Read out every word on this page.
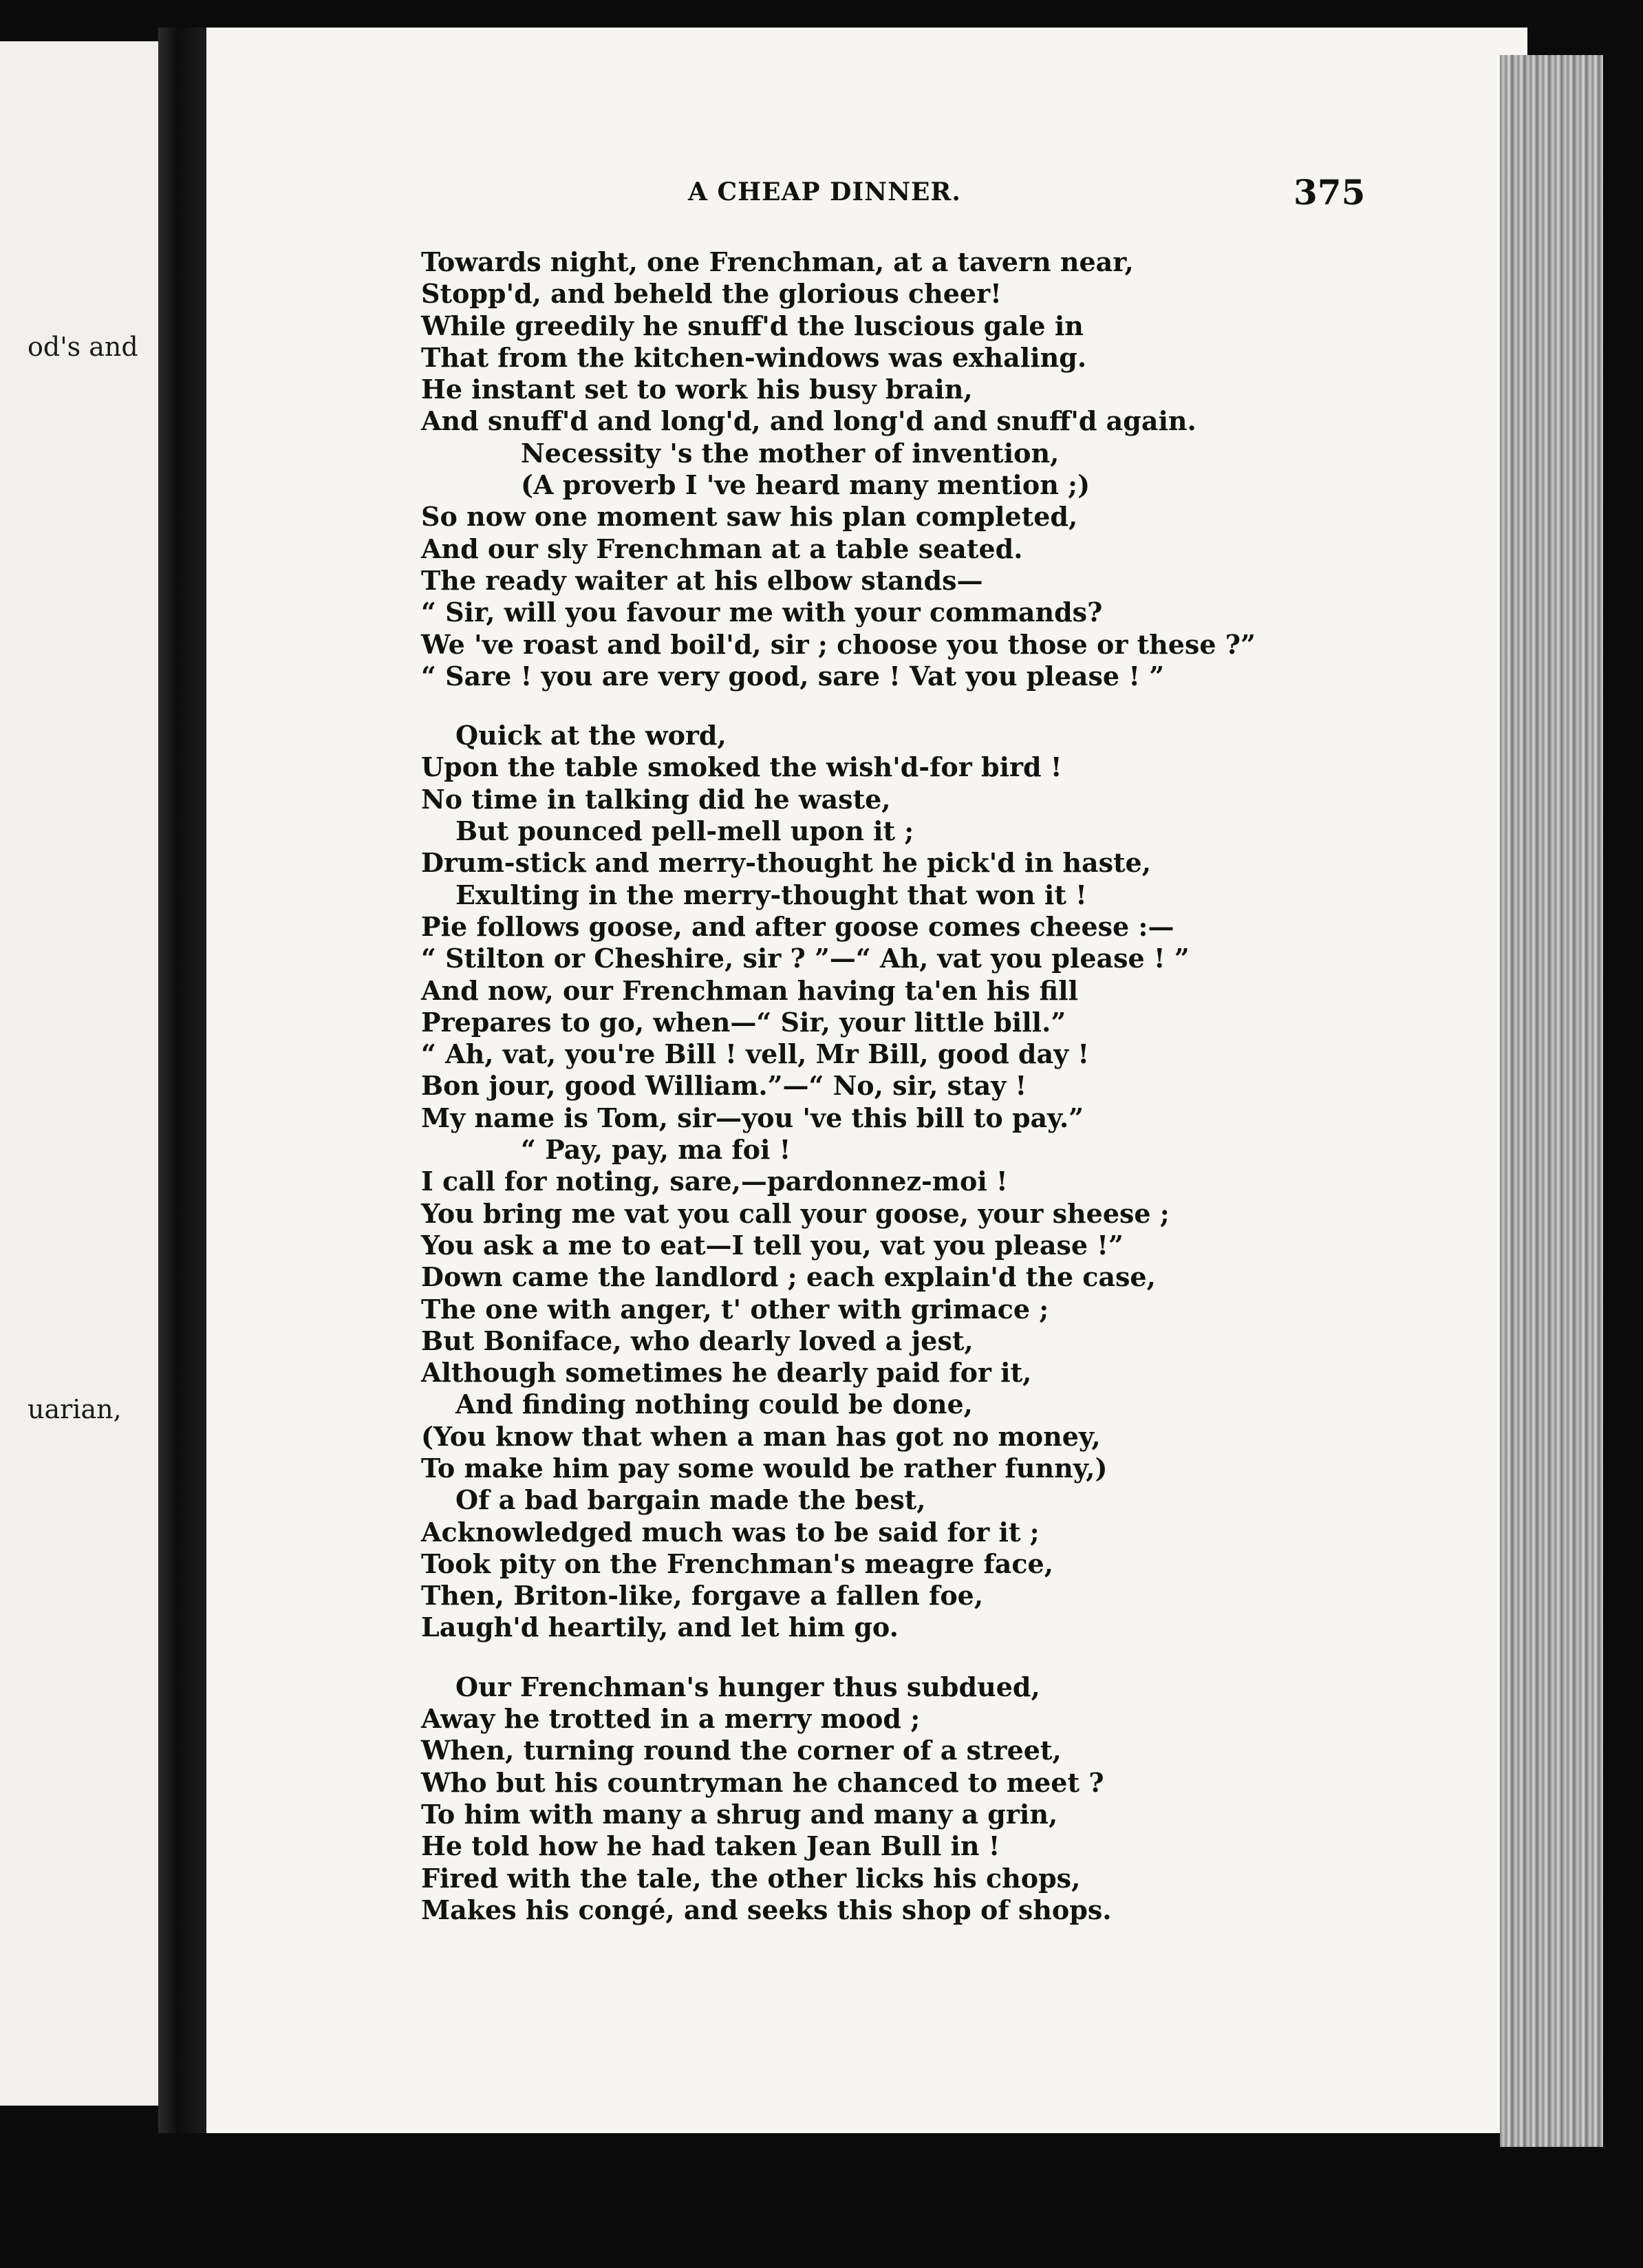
od's and
uarian,
A CHEAP DINNER.	375
Towards night, one Frenchman, at a tavern near,
Stopp'd, and beheld the glorious cheer!
While greedily he snuff'd the luscious gale in
That from the kitchen-windows was exhaling.
He instant set to work his busy brain,
And snuff'd and long'd, and long'd and snuff'd again.
Necessity 's the mother of invention,
(A proverb I 've heard many mention ;)
So now one moment saw his plan completed,
And our sly Frenchman at a table seated.
The ready waiter at his elbow stands—
“ Sir, will you favour me with your commands?
We 've roast and boil'd, sir ; choose you those or these ?”
“ Sare ! you are very good, sare ! Vat you please ! ”
Quick at the word,
Upon the table smoked the wish'd-for bird !
No time in talking did he waste,
But pounced pell-mell upon it ;
Drum-stick and merry-thought he pick'd in haste,
Exulting in the merry-thought that won it !
Pie follows goose, and after goose comes cheese :—
“ Stilton or Cheshire, sir ? ”—“ Ah, vat you please ! ”
And now, our Frenchman having ta'en his fill
Prepares to go, when—“ Sir, your little bill.”
“ Ah, vat, you're Bill ! vell, Mr Bill, good day !
Bon jour, good William.”—“ No, sir, stay !
My name is Tom, sir—you 've this bill to pay.”
“ Pay, pay, ma foi !
I call for noting, sare,—pardonnez-moi !
You bring me vat you call your goose, your sheese ;
You ask a me to eat—I tell you, vat you please !”
Down came the landlord ; each explain'd the case,
The one with anger, t' other with grimace ;
But Boniface, who dearly loved a jest,
Although sometimes he dearly paid for it,
And finding nothing could be done,
(You know that when a man has got no money,
To make him pay some would be rather funny,)
Of a bad bargain made the best,
Acknowledged much was to be said for it ;
Took pity on the Frenchman's meagre face,
Then, Briton-like, forgave a fallen foe,
Laugh'd heartily, and let him go.
Our Frenchman's hunger thus subdued,
Away he trotted in a merry mood ;
When, turning round the corner of a street,
Who but his countryman he chanced to meet ?
To him with many a shrug and many a grin,
He told how he had taken Jean Bull in !
Fired with the tale, the other licks his chops,
Makes his congé, and seeks this shop of shops.
